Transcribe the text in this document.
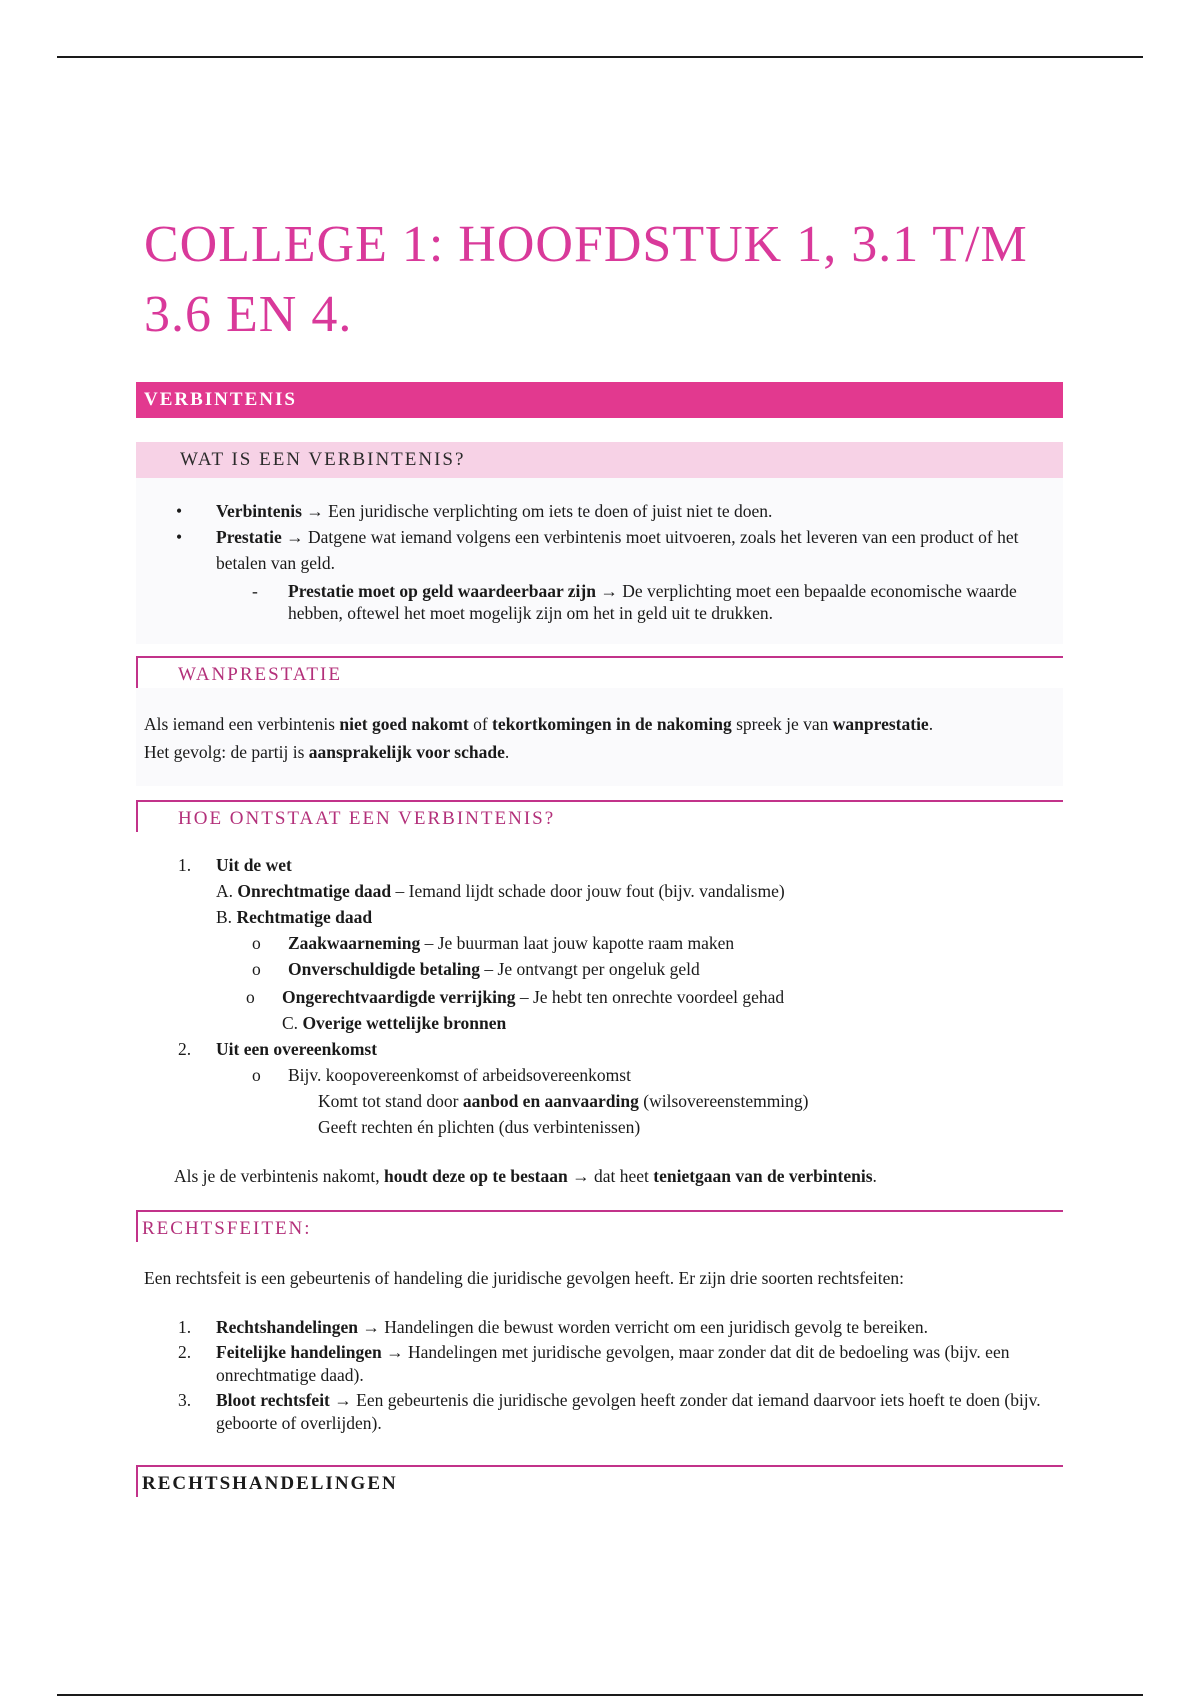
COLLEGE 1: HOOFDSTUK 1, 3.1 T/M
3.6 EN 4.
VERBINTENIS
WAT IS EEN VERBINTENIS?
• Verbintenis → Een juridische verplichting om iets te doen of juist niet te doen.
• Prestatie → Datgene wat iemand volgens een verbintenis moet uitvoeren, zoals het leveren van een product of het betalen van geld.
- Prestatie moet op geld waardeerbaar zijn → De verplichting moet een bepaalde economische waarde hebben, oftewel het moet mogelijk zijn om het in geld uit te drukken.
WANPRESTATIE

Als iemand een verbintenis niet goed nakomt of tekortkomingen in de nakoming spreek je van wanprestatie.
Het gevolg: de partij is aansprakelijk voor schade.

HOE ONTSTAAT EEN VERBINTENIS?
1. Uit de wet
A. Onrechtmatige daad – Iemand lijdt schade door jouw fout (bijv. vandalisme)
B. Rechtmatige daad
o Zaakwaarneming – Je buurman laat jouw kapotte raam maken
o Onverschuldigde betaling – Je ontvangt per ongeluk geld
o Ongerechtvaardigde verrijking – Je hebt ten onrechte voordeel gehad
C. Overige wettelijke bronnen
2. Uit een overeenkomst
o Bijv. koopovereenkomst of arbeidsovereenkomst
Komt tot stand door aanbod en aanvaarding (wilsovereenstemming)
Geeft rechten én plichten (dus verbintenissen)

Als je de verbintenis nakomt, houdt deze op te bestaan → dat heet tenietgaan van de verbintenis.

RECHTSFEITEN:

Een rechtsfeit is een gebeurtenis of handeling die juridische gevolgen heeft. Er zijn drie soorten rechtsfeiten:

1. Rechtshandelingen → Handelingen die bewust worden verricht om een juridisch gevolg te bereiken.
2. Feitelijke handelingen → Handelingen met juridische gevolgen, maar zonder dat dit de bedoeling was (bijv. een onrechtmatige daad).
3. Bloot rechtsfeit → Een gebeurtenis die juridische gevolgen heeft zonder dat iemand daarvoor iets hoeft te doen (bijv. geboorte of overlijden).
RECHTSHANDELINGEN
